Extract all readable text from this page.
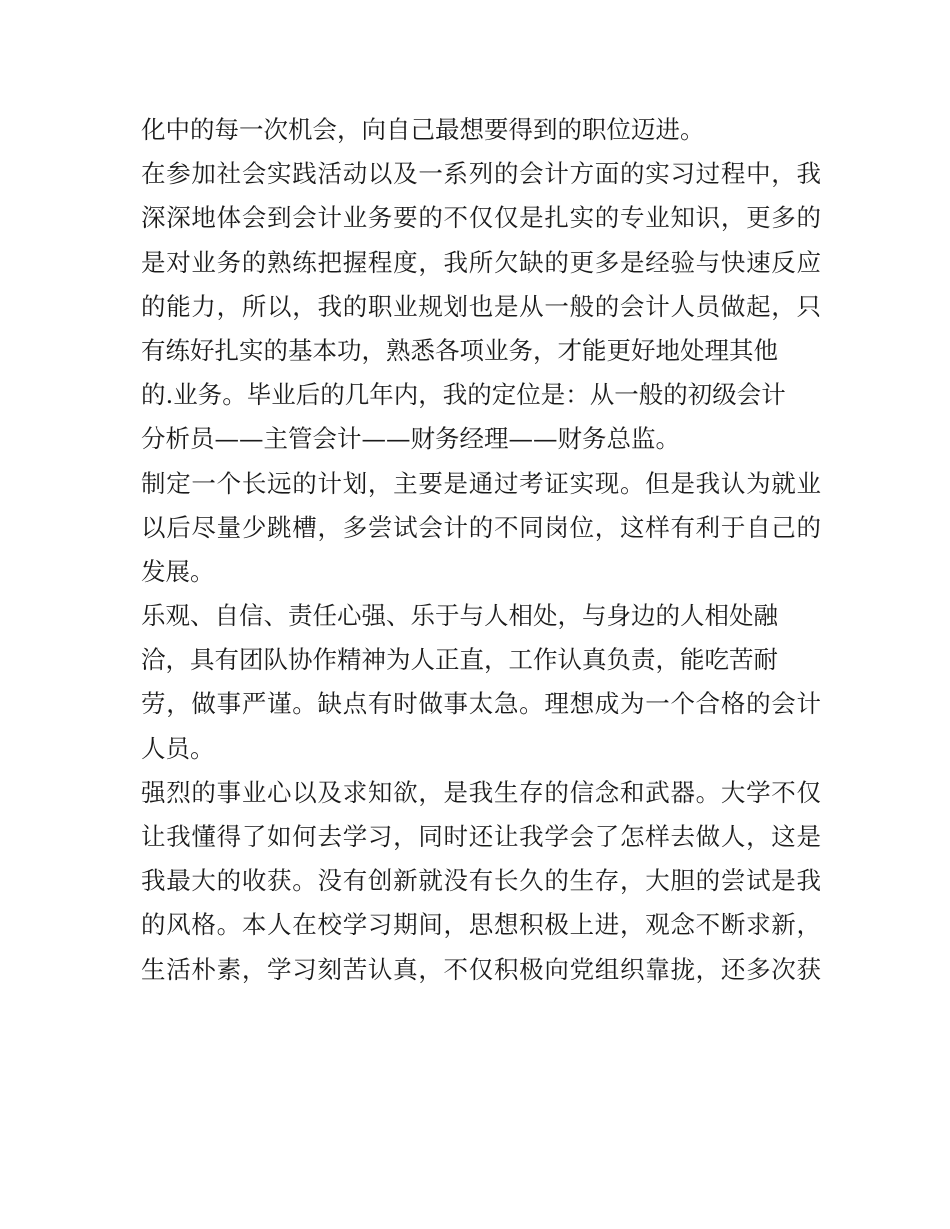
化中的每一次机会，向自己最想要得到的职位迈进。
在参加社会实践活动以及一系列的会计方面的实习过程中，我
深深地体会到会计业务要的不仅仅是扎实的专业知识，更多的
是对业务的熟练把握程度，我所欠缺的更多是经验与快速反应
的能力，所以，我的职业规划也是从一般的会计人员做起，只
有练好扎实的基本功，熟悉各项业务，才能更好地处理其他
的.业务。毕业后的几年内，我的定位是：从一般的初级会计
分析员——主管会计——财务经理——财务总监。
制定一个长远的计划，主要是通过考证实现。但是我认为就业
以后尽量少跳槽，多尝试会计的不同岗位，这样有利于自己的
发展。
乐观、自信、责任心强、乐于与人相处，与身边的人相处融
洽，具有团队协作精神为人正直，工作认真负责，能吃苦耐
劳，做事严谨。缺点有时做事太急。理想成为一个合格的会计
人员。
强烈的事业心以及求知欲，是我生存的信念和武器。大学不仅
让我懂得了如何去学习，同时还让我学会了怎样去做人，这是
我最大的收获。没有创新就没有长久的生存，大胆的尝试是我
的风格。本人在校学习期间，思想积极上进，观念不断求新，
生活朴素，学习刻苦认真，不仅积极向党组织靠拢，还多次获
